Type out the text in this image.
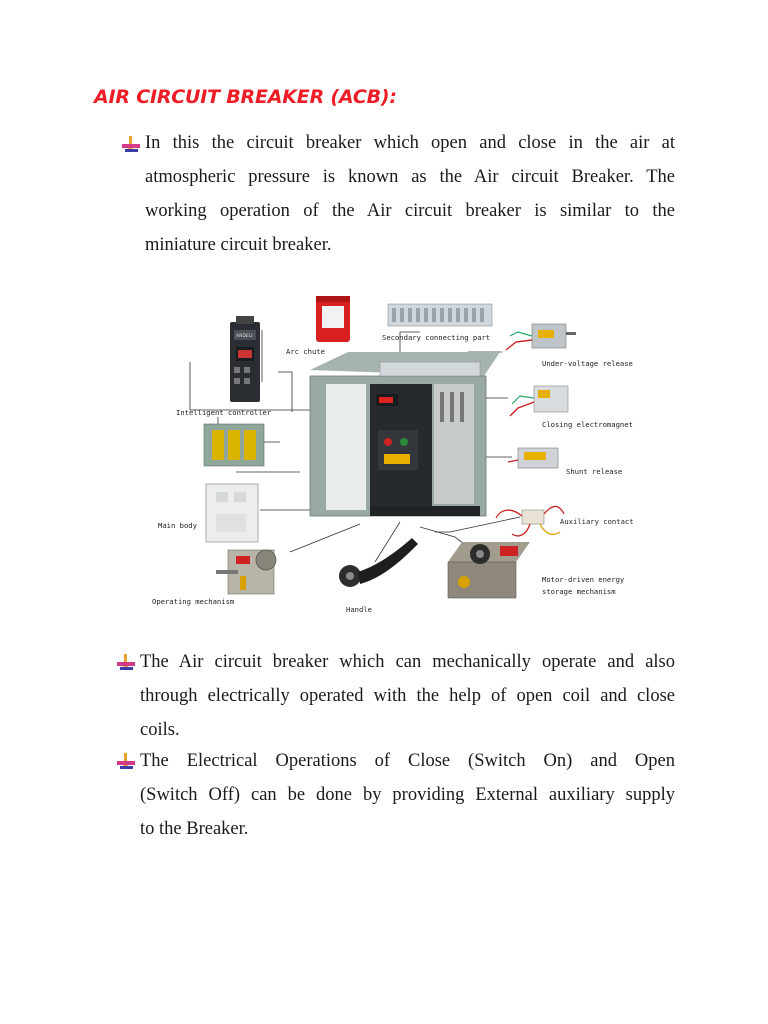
AIR CIRCUIT BREAKER (ACB):
In this the circuit breaker which open and close in the air at
atmospheric pressure is known as the Air circuit Breaker. The
working operation of the Air circuit breaker is similar to the
miniature circuit breaker.
Arc chute
Secondary connecting part
Under-voltage release
Intelligent controller
Closing electromagnet
Shunt release
Main body	Auxiliary contact
Motor-driven energy
storage mechanism
Operating mechanism
Handle
ANDELI
The Air circuit breaker which can mechanically operate and also
through electrically operated with the help of open coil and close
coils.
The Electrical Operations of Close (Switch On) and Open
(Switch Off) can be done by providing External auxiliary supply
to the Breaker.
